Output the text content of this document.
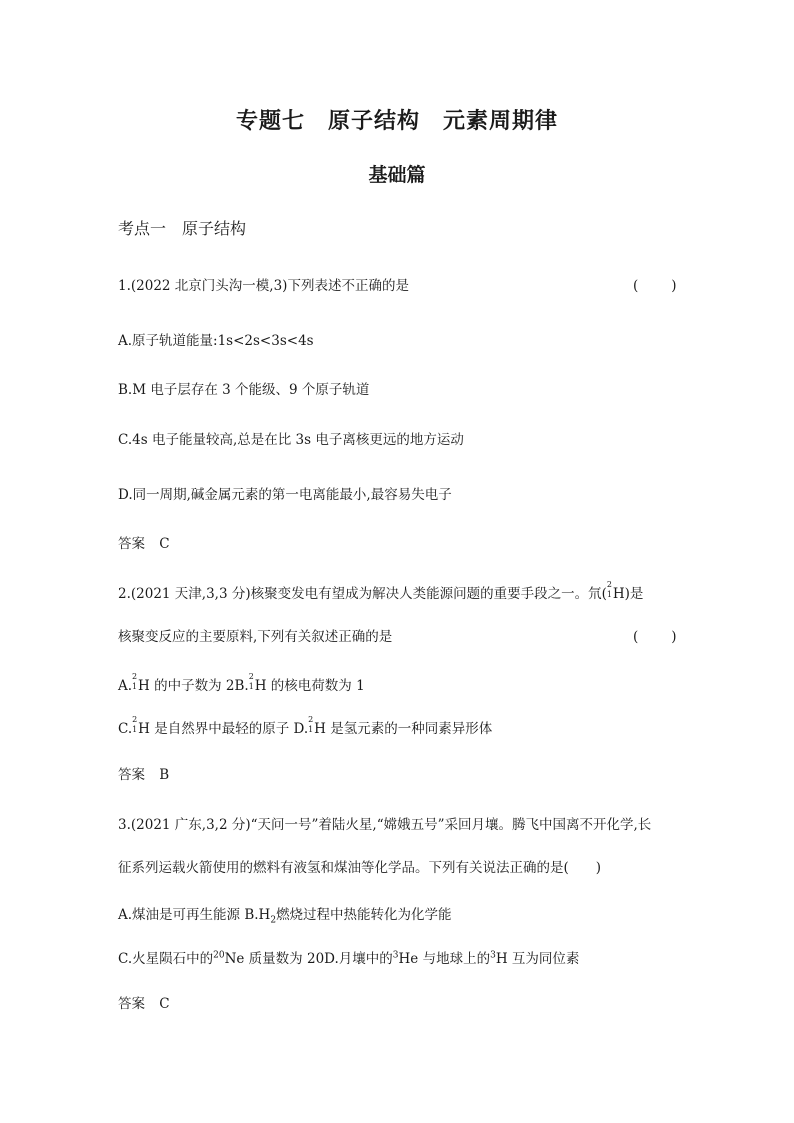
专题七　原子结构　元素周期律
基础篇
考点一　原子结构
1.(2022 北京门头沟一模,3)下列表述不正确的是	(　　)
A.原子轨道能量:1s<2s<3s<4s
B.M 电子层存在 3 个能级、9 个原子轨道
C.4s 电子能量较高,总是在比 3s 电子离核更远的地方运动
D.同一周期,碱金属元素的第一电离能最小,最容易失电子
答案 C
2.(2021 天津,3,3 分)核聚变发电有望成为解决人类能源问题的重要手段之一。氘(
2
1 H)是
核聚变反应的主要原料,下列有关叙述正确的是	(　　)
A.
2
1 H 的中子数为 2B.
2
1 H 的核电荷数为 1
C.
2
1 H 是自然界中最轻的原子 D.
2
1 H 是氢元素的一种同素异形体
答案 B
3.(2021 广东,3,2 分)“天问一号”着陆火星,“嫦娥五号”采回月壤。腾飞中国离不开化学,长
征系列运载火箭使用的燃料有液氢和煤油等化学品。下列有关说法正确的是(　　)
A.煤油是可再生能源 $B.H_2$燃烧过程中热能转化为化学能
C.火星陨石中的$^{20}$Ne 质量数为 20D.月壤中的$^3$He 与地球上的$^3$H 互为同位素
答案 C
